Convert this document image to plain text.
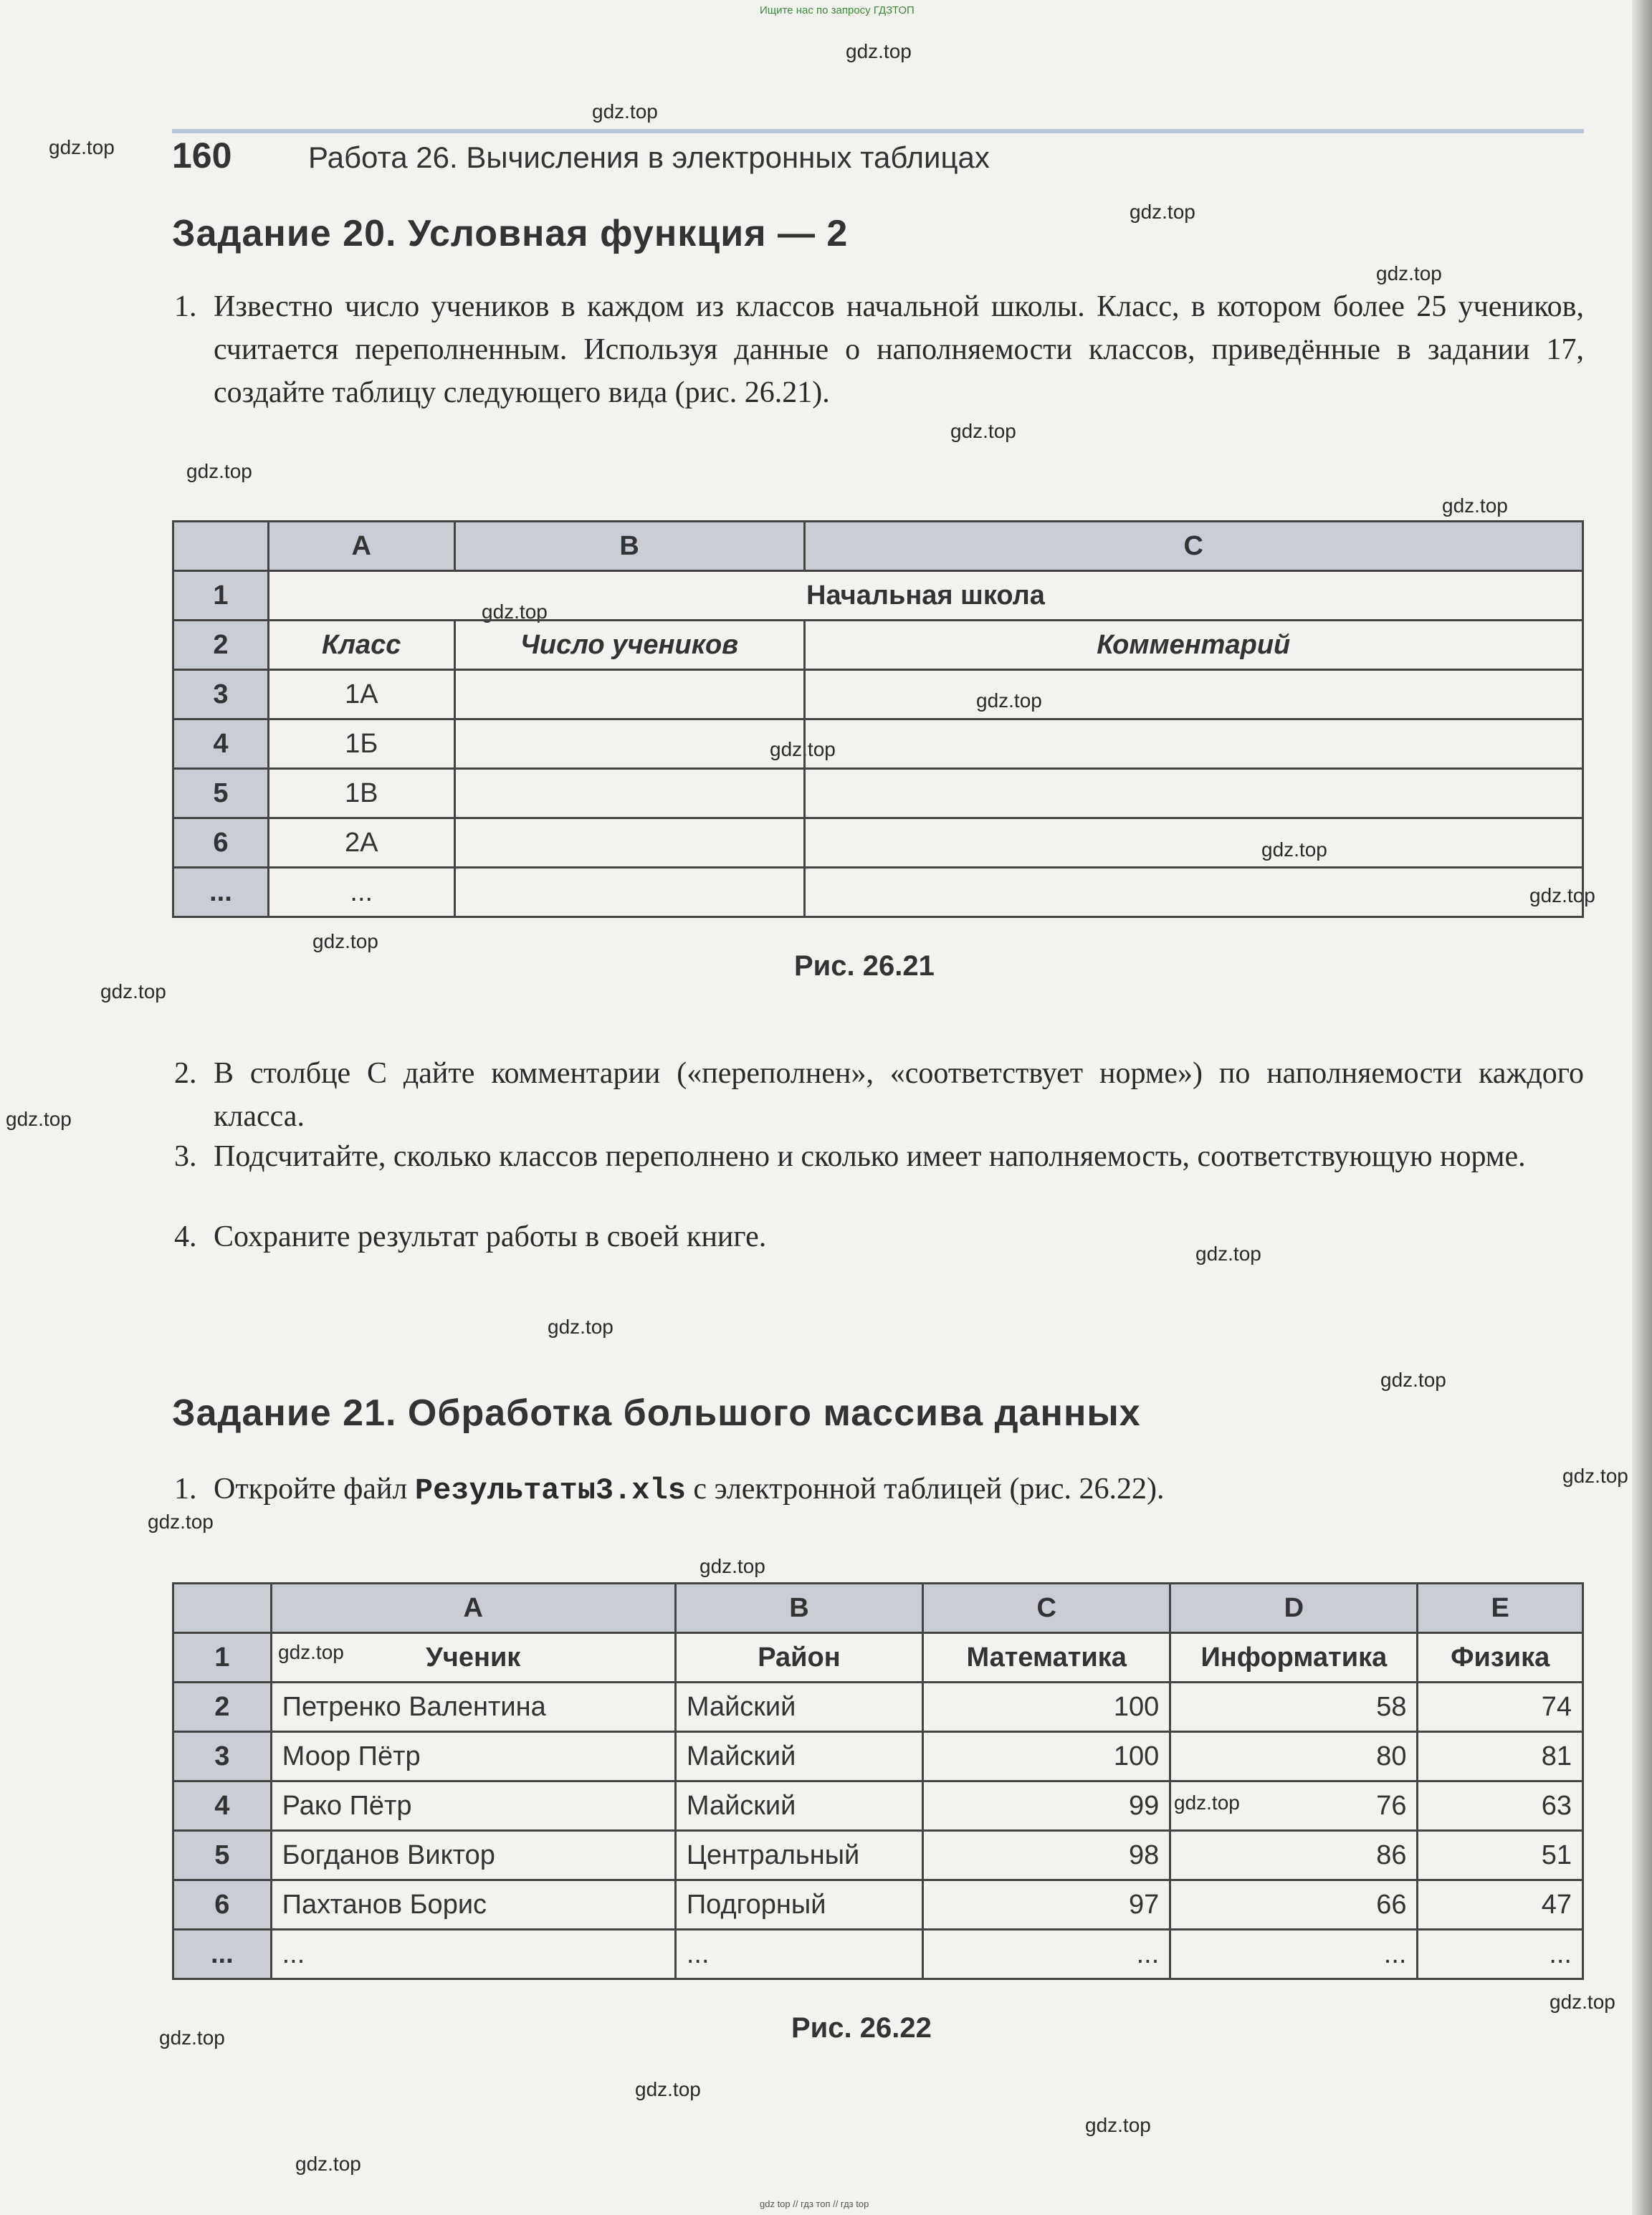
Ищите нас по запросу ГДЗТОП
gdz.top
gdz.top
gdz.top
gdz.top
gdz.top
gdz.top
gdz.top
gdz.top
gdz.top
gdz.top
gdz.top
gdz.top
gdz.top
gdz.top
gdz.top
gdz.top
gdz.top
gdz.top
gdz.top
gdz.top
gdz.top
gdz.top
gdz.top
gdz.top
gdz.top
gdz.top
gdz.top
gdz.top
gdz.top
160	Работа 26. Вычисления в электронных таблицах
Задание 20. Условная функция — 2
1. Известно число учеников в каждом из классов начальной школы. Класс, в котором более 25 учеников, считается переполненным. Используя данные о наполняемости классов, приведённые в задании 17, создайте таблицу следующего вида (рис. 26.21).
	A	B	C
1	Начальная школа		
2	Класс	Число учеников	Комментарий
3	1А		
4	1Б		
5	1В		
6	2А		
...	...		
Рис. 26.21
2. В столбце C дайте комментарии («переполнен», «соответствует норме») по наполняемости каждого класса.
3. Подсчитайте, сколько классов переполнено и сколько имеет наполняемость, соответствующую норме.
4. Сохраните результат работы в своей книге.
Задание 21. Обработка большого массива данных
1. Откройте файл Результаты3.xls с электронной таблицей (рис. 26.22).
	A	B	C	D	E
1	Ученик	Район	Математика	Информатика	Физика
2	Петренко Валентина	Майский	100	58	74
3	Моор Пётр	Майский	100	80	81
4	Рако Пётр	Майский	99	76	63
5	Богданов Виктор	Центральный	98	86	51
6	Пахтанов Борис	Подгорный	97	66	47
...	...	...	...	...	...
Рис. 26.22
gdz top // гдз топ // гдз top
